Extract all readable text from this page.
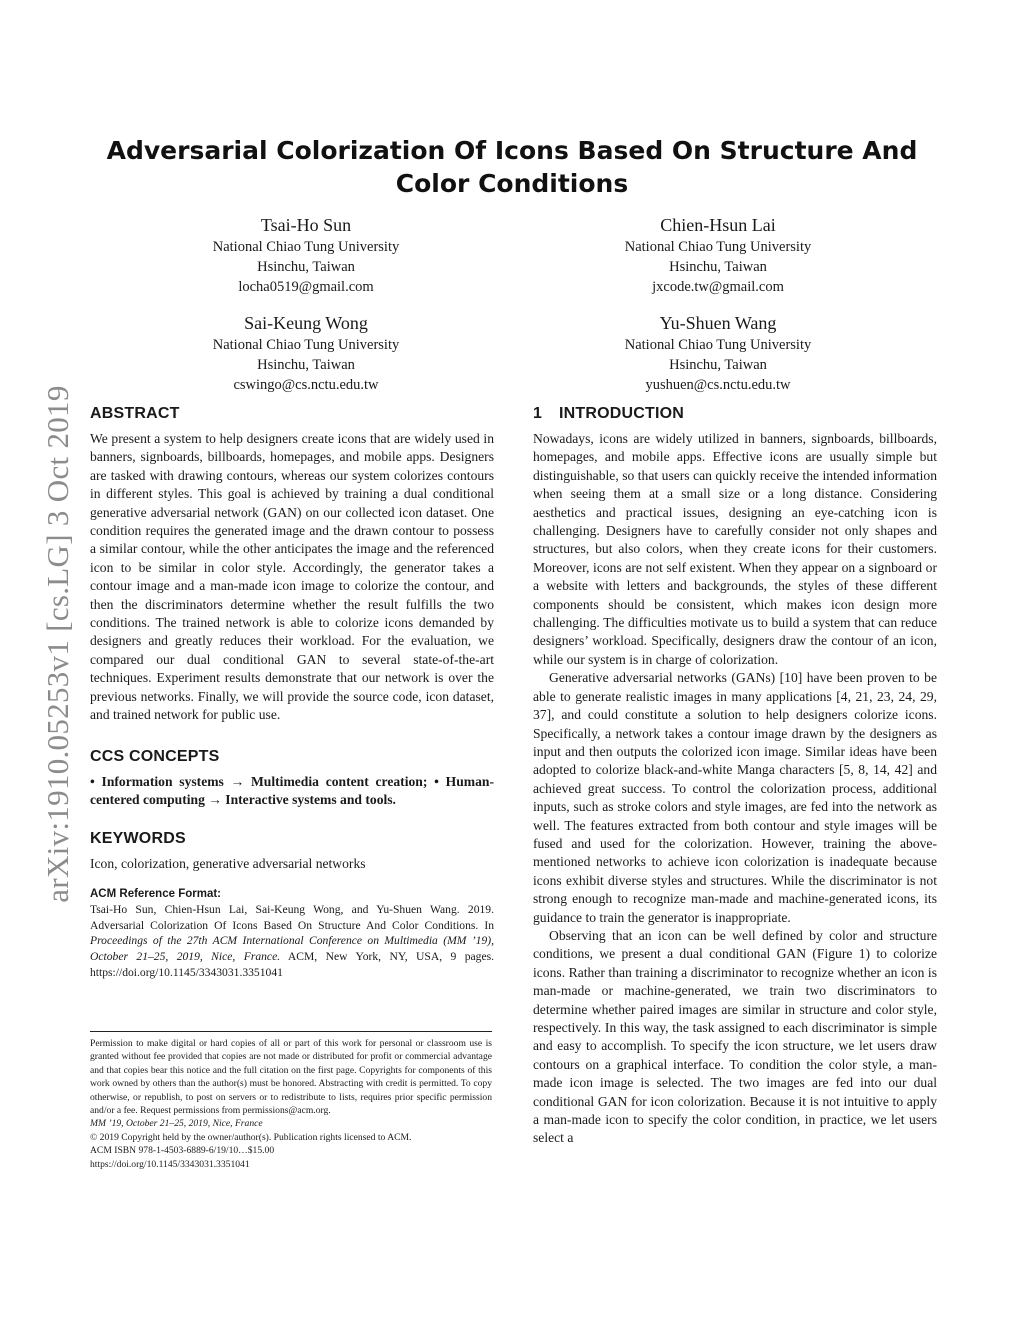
arXiv:1910.05253v1 [cs.LG] 3 Oct 2019
Adversarial Colorization Of Icons Based On Structure And
Color Conditions
Tsai-Ho Sun
National Chiao Tung University
Hsinchu, Taiwan
locha0519@gmail.com
Chien-Hsun Lai
National Chiao Tung University
Hsinchu, Taiwan
jxcode.tw@gmail.com
Sai-Keung Wong
National Chiao Tung University
Hsinchu, Taiwan
cswingo@cs.nctu.edu.tw
Yu-Shuen Wang
National Chiao Tung University
Hsinchu, Taiwan
yushuen@cs.nctu.edu.tw
ABSTRACT

We present a system to help designers create icons that are widely used in banners, signboards, billboards, homepages, and mobile apps. Designers are tasked with drawing contours, whereas our system colorizes contours in different styles. This goal is achieved by training a dual conditional generative adversarial network (GAN) on our collected icon dataset. One condition requires the generated image and the drawn contour to possess a similar contour, while the other anticipates the image and the referenced icon to be similar in color style. Accordingly, the generator takes a contour image and a man-made icon image to colorize the contour, and then the discriminators determine whether the result fulfills the two conditions. The trained network is able to colorize icons demanded by designers and greatly reduces their workload. For the evaluation, we compared our dual conditional GAN to several state-of-the-art techniques. Experiment results demonstrate that our network is over the previous networks. Finally, we will provide the source code, icon dataset, and trained network for public use.

CCS CONCEPTS

• Information systems → Multimedia content creation; • Human-centered computing → Interactive systems and tools.

KEYWORDS

Icon, colorization, generative adversarial networks

ACM Reference Format:
Tsai-Ho Sun, Chien-Hsun Lai, Sai-Keung Wong, and Yu-Shuen Wang. 2019. Adversarial Colorization Of Icons Based On Structure And Color Conditions. In Proceedings of the 27th ACM International Conference on Multimedia (MM ’19), October 21–25, 2019, Nice, France. ACM, New York, NY, USA, 9 pages. https://doi.org/10.1145/3343031.3351041
Permission to make digital or hard copies of all or part of this work for personal or classroom use is granted without fee provided that copies are not made or distributed for profit or commercial advantage and that copies bear this notice and the full citation on the first page. Copyrights for components of this work owned by others than the author(s) must be honored. Abstracting with credit is permitted. To copy otherwise, or republish, to post on servers or to redistribute to lists, requires prior specific permission and/or a fee. Request permissions from permissions@acm.org.
MM ’19, October 21–25, 2019, Nice, France
© 2019 Copyright held by the owner/author(s). Publication rights licensed to ACM.
ACM ISBN 978-1-4503-6889-6/19/10…$15.00
https://doi.org/10.1145/3343031.3351041
1 INTRODUCTION

Nowadays, icons are widely utilized in banners, signboards, billboards, homepages, and mobile apps. Effective icons are usually simple but distinguishable, so that users can quickly receive the intended information when seeing them at a small size or a long distance. Considering aesthetics and practical issues, designing an eye-catching icon is challenging. Designers have to carefully consider not only shapes and structures, but also colors, when they create icons for their customers. Moreover, icons are not self existent. When they appear on a signboard or a website with letters and backgrounds, the styles of these different components should be consistent, which makes icon design more challenging. The difficulties motivate us to build a system that can reduce designers’ workload. Specifically, designers draw the contour of an icon, while our system is in charge of colorization.

Generative adversarial networks (GANs) [10] have been proven to be able to generate realistic images in many applications [4, 21, 23, 24, 29, 37], and could constitute a solution to help designers colorize icons. Specifically, a network takes a contour image drawn by the designers as input and then outputs the colorized icon image. Similar ideas have been adopted to colorize black-and-white Manga characters [5, 8, 14, 42] and achieved great success. To control the colorization process, additional inputs, such as stroke colors and style images, are fed into the network as well. The features extracted from both contour and style images will be fused and used for the colorization. However, training the above-mentioned networks to achieve icon colorization is inadequate because icons exhibit diverse styles and structures. While the discriminator is not strong enough to recognize man-made and machine-generated icons, its guidance to train the generator is inappropriate.

Observing that an icon can be well defined by color and structure conditions, we present a dual conditional GAN (Figure 1) to colorize icons. Rather than training a discriminator to recognize whether an icon is man-made or machine-generated, we train two discriminators to determine whether paired images are similar in structure and color style, respectively. In this way, the task assigned to each discriminator is simple and easy to accomplish. To specify the icon structure, we let users draw contours on a graphical interface. To condition the color style, a man-made icon image is selected. The two images are fed into our dual conditional GAN for icon colorization. Because it is not intuitive to apply a man-made icon to specify the color condition, in practice, we let users select a
